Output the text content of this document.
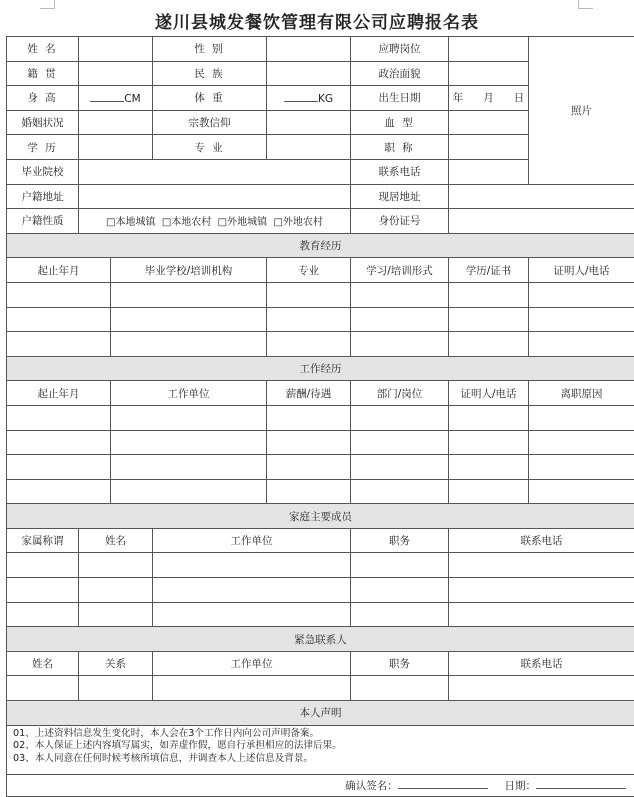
遂川县城发餐饮管理有限公司应聘报名表
姓 名			性 别		应聘岗位		照片
籍 贯			民 族		政治面貌		
身 高	CM		体 重	KG	出生日期	年 月 日	
婚姻状况			宗教信仰		血 型		
学 历			专 业		职 称		
毕业院校					联系电话		
户籍地址					现居地址		
户籍性质	□本地城镇 □本地农村 □外地城镇 □外地农村				身份证号		
教育经历							
起止年月		毕业学校/培训机构		专业	学习/培训形式	学历/证书	证明人/电话

工作经历							
起止年月		工作单位		薪酬/待遇	部门/岗位	证明人/电话	离职原因

家庭主要成员							
家属称谓	姓名		工作单位		职务	联系电话	

紧急联系人							
姓名	关系		工作单位		职务	联系电话	

本人声明							

01、上述资料信息发生变化时，本人会在3个工作日内向公司声明备案。
02、本人保证上述内容填写属实，如弄虚作假，愿自行承担相应的法律后果。
03、本人同意在任何时候考核所填信息，并调查本人上述信息及背景。							

确认签名： 日期：							
